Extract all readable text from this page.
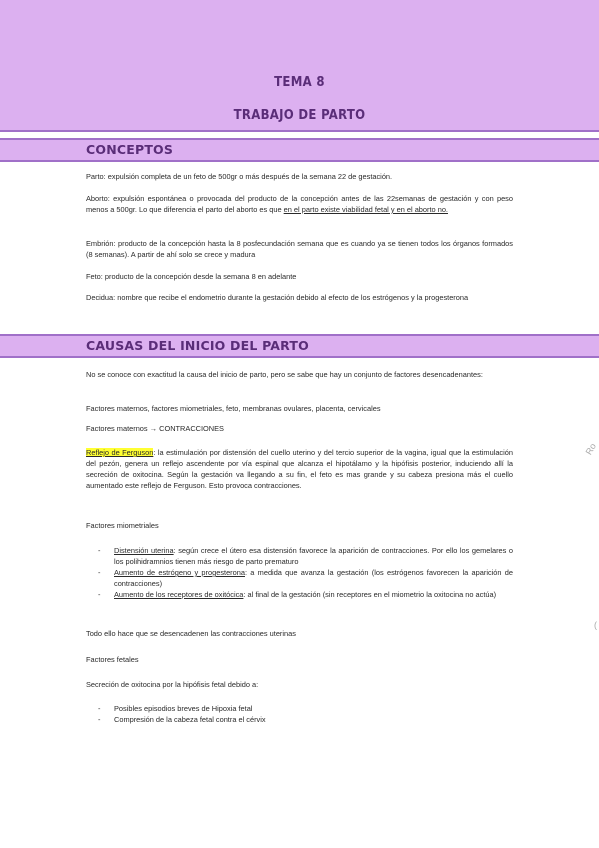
TEMA 8
TRABAJO DE PARTO
CONCEPTOS
Parto: expulsión completa de un feto de 500gr o más después de la semana 22 de gestación.
Aborto: expulsión espontánea o provocada del producto de la concepción antes de las 22semanas de gestación y con peso menos a 500gr. Lo que diferencia el parto del aborto es que en el parto existe viabilidad fetal y en el aborto no.
Embrión: producto de la concepción hasta la 8 posfecundación semana que es cuando ya se tienen todos los órganos formados (8 semanas). A partir de ahí solo se crece y madura
Feto: producto de la concepción desde la semana 8 en adelante
Decidua: nombre que recibe el endometrio durante la gestación debido al efecto de los estrógenos y la progesterona
CAUSAS DEL INICIO DEL PARTO
No se conoce con exactitud la causa del inicio de parto, pero se sabe que hay un conjunto de factores desencadenantes:
Factores maternos, factores miometriales, feto, membranas ovulares, placenta, cervicales
Factores maternos → CONTRACCIONES
Reflejo de Ferguson: la estimulación por distensión del cuello uterino y del tercio superior de la vagina, igual que la estimulación del pezón, genera un reflejo ascendente por vía espinal que alcanza el hipotálamo y la hipófisis posterior, induciendo allí la secreción de oxitocina. Según la gestación va llegando a su fin, el feto es mas grande y su cabeza presiona más el cuello aumentado este reflejo de Ferguson. Esto provoca contracciones.
Factores miometriales
- Distensión uterina: según crece el útero esa distensión favorece la aparición de contracciones. Por ello los gemelares o los polihidramnios tienen más riesgo de parto prematuro
- Aumento de estrógeno y progesterona: a medida que avanza la gestación (los estrógenos favorecen la aparición de contracciones)
- Aumento de los receptores de oxitócica: al final de la gestación (sin receptores en el miometrio la oxitocina no actúa)
Todo ello hace que se desencadenen las contracciones uterinas
Factores fetales
Secreción de oxitocina por la hipófisis fetal debido a:
- Posibles episodios breves de Hipoxia fetal
- Compresión de la cabeza fetal contra el cérvix
Ro
(
